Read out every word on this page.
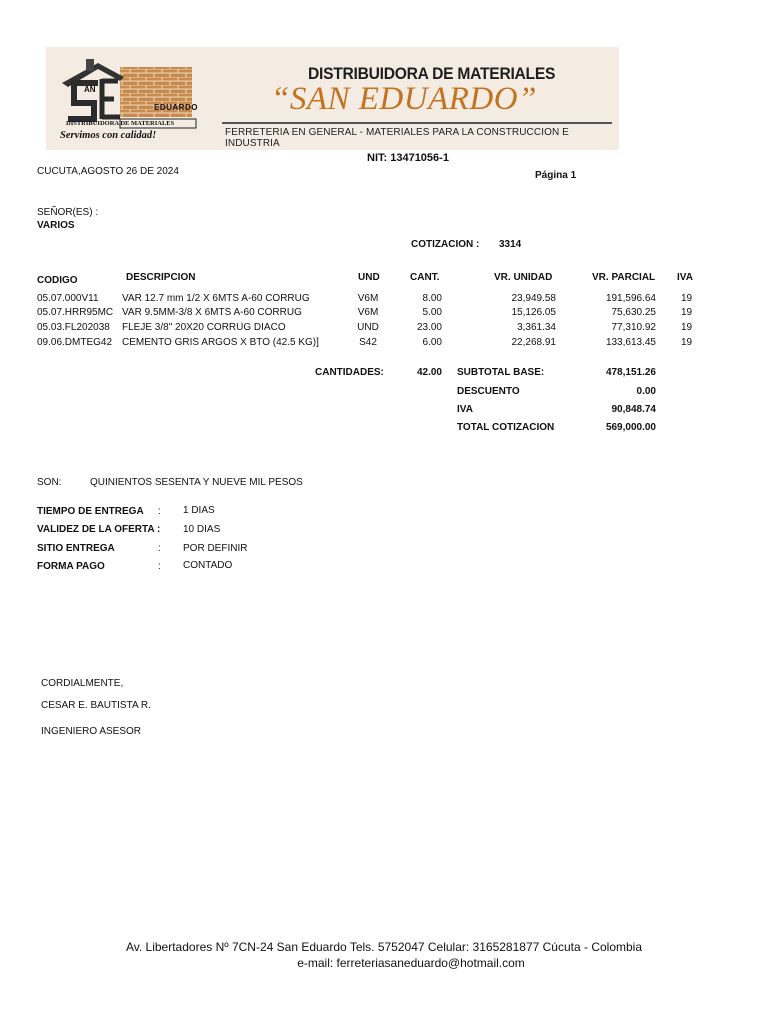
AN
EDUARDO
DISTRIBUIDORA DE MATERIALES
Servimos con calidad!
DISTRIBUIDORA DE MATERIALES
“SAN EDUARDO”
FERRETERIA EN GENERAL - MATERIALES PARA LA CONSTRUCCION E INDUSTRIA
NIT: 13471056-1
CUCUTA,AGOSTO 26 DE 2024	Página 1
SEÑOR(ES) :
VARIOS
COTIZACION : 3314
CODIGO	DESCRIPCION	UND	CANT.	VR. UNIDAD	VR. PARCIAL IVA
05.07.000V11 VAR 12.7 mm 1/2 X 6MTS A-60 CORRUG	V6M	8.00	23,949.58	191,596.64	19
05.07.HRR95MC VAR 9.5MM-3/8 X 6MTS A-60 CORRUG	V6M	5.00	15,126.05	75,630.25	19
05.03.FL202038 FLEJE 3/8" 20X20 CORRUG DIACO	UND	23.00	3,361.34	77,310.92	19
09.06.DMTEG42 CEMENTO GRIS ARGOS X BTO (42.5 KG)]	S42	6.00	22,268.91	133,613.45	19
CANTIDADES:	42.00 SUBTOTAL BASE:	478,151.26
DESCUENTO	0.00
IVA	90,848.74
TOTAL COTIZACION	569,000.00
SON:	QUINIENTOS SESENTA Y NUEVE MIL PESOS
TIEMPO DE ENTREGA : 1 DIAS
VALIDEZ DE LA OFERTA : 10 DIAS
SITIO ENTREGA	: POR DEFINIR
FORMA PAGO	: CONTADO
CORDIALMENTE,
CESAR E. BAUTISTA R.
INGENIERO ASESOR
Av. Libertadores Nº 7CN-24 San Eduardo Tels. 5752047 Celular: 3165281877 Cúcuta - Colombia
e-mail: ferreteriasaneduardo@hotmail.com
